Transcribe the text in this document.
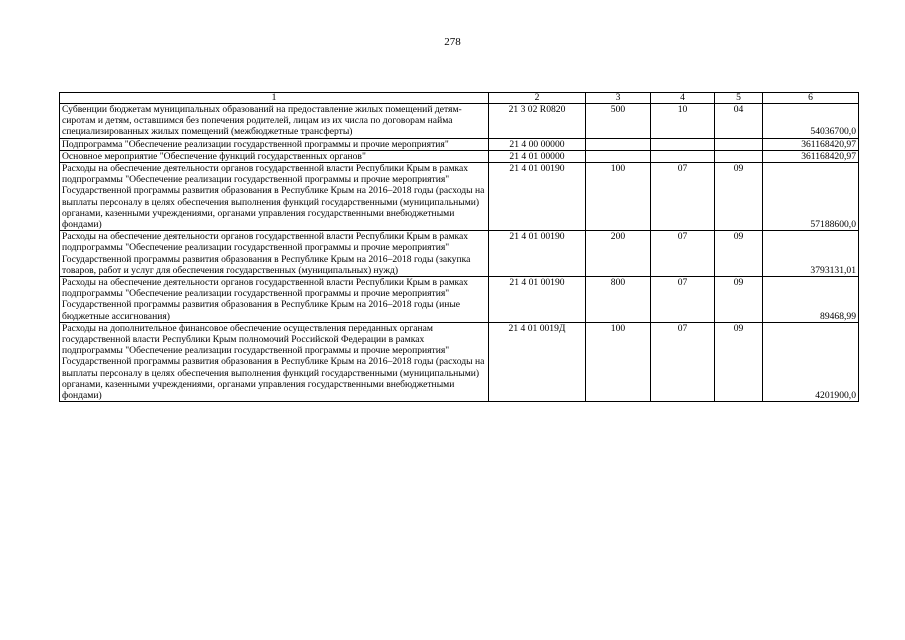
278
1	2	3	4	5	6
Субвенции бюджетам муниципальных образований на предоставление жилых помещений детям-сиротам и детям, оставшимся без попечения родителей, лицам из их числа по договорам найма специализированных жилых помещений (межбюджетные трансферты)	21 3 02 R0820	500	10	04	54036700,0
Подпрограмма "Обеспечение реализации государственной программы и прочие мероприятия"	21 4 00 00000				361168420,97
Основное мероприятие "Обеспечение функций государственных органов"	21 4 01 00000				361168420,97
Расходы на обеспечение деятельности органов государственной власти Республики Крым в рамках подпрограммы "Обеспечение реализации государственной программы и прочие мероприятия" Государственной программы развития образования в Республике Крым на 2016–2018 годы (расходы на выплаты персоналу в целях обеспечения выполнения функций государственными (муниципальными) органами, казенными учреждениями, органами управления государственными внебюджетными фондами)	21 4 01 00190	100	07	09	57188600,0
Расходы на обеспечение деятельности органов государственной власти Республики Крым в рамках подпрограммы "Обеспечение реализации государственной программы и прочие мероприятия" Государственной программы развития образования в Республике Крым на 2016–2018 годы (закупка товаров, работ и услуг для обеспечения государственных (муниципальных) нужд)	21 4 01 00190	200	07	09	3793131,01
Расходы на обеспечение деятельности органов государственной власти Республики Крым в рамках подпрограммы "Обеспечение реализации государственной программы и прочие мероприятия" Государственной программы развития образования в Республике Крым на 2016–2018 годы (иные бюджетные ассигнования)	21 4 01 00190	800	07	09	89468,99
Расходы на дополнительное финансовое обеспечение осуществления переданных органам государственной власти Республики Крым полномочий Российской Федерации в рамках подпрограммы "Обеспечение реализации государственной программы и прочие мероприятия" Государственной программы развития образования в Республике Крым на 2016–2018 годы (расходы на выплаты персоналу в целях обеспечения выполнения функций государственными (муниципальными) органами, казенными учреждениями, органами управления государственными внебюджетными фондами)	21 4 01 0019Д	100	07	09	4201900,0
